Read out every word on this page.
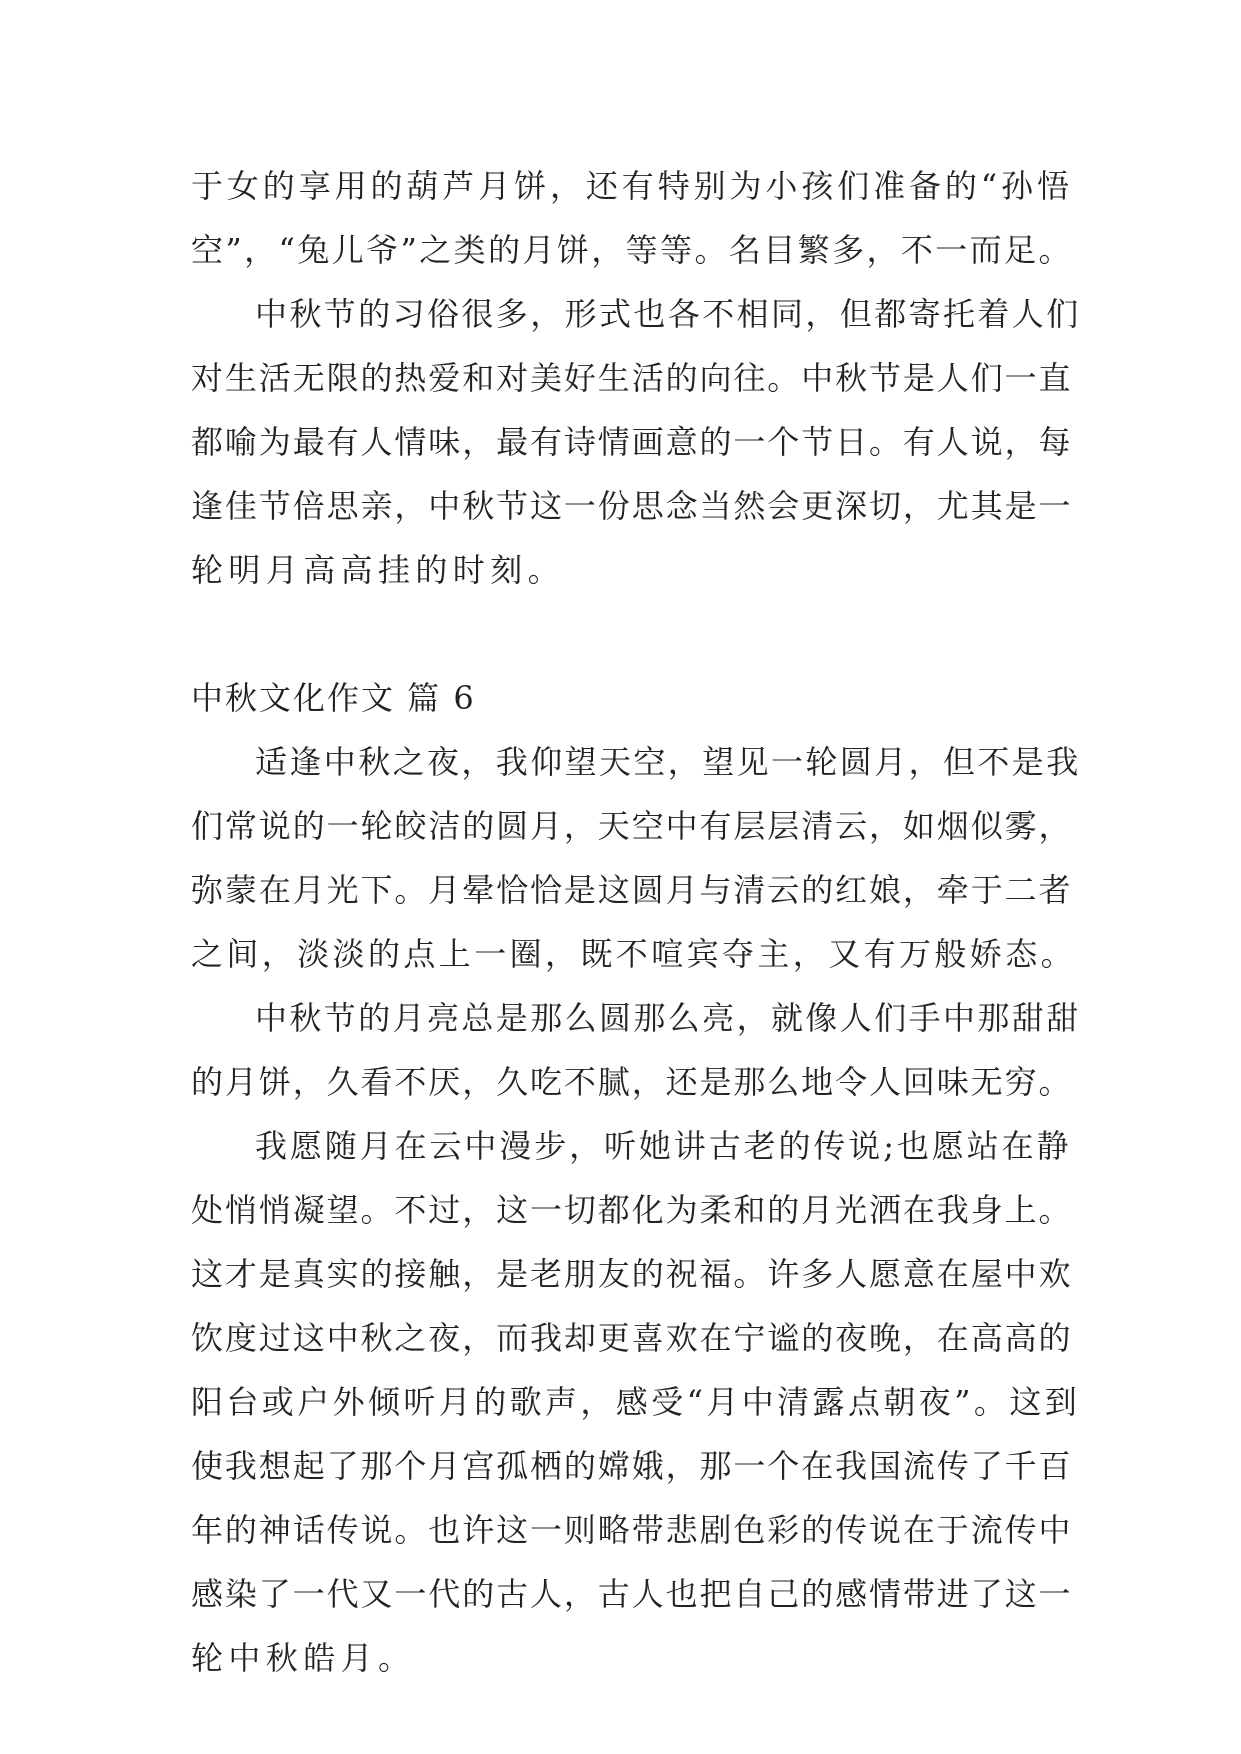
于女的享用的葫芦月饼，还有特别为小孩们准备的“孙悟
空”，“兔儿爷”之类的月饼，等等。名目繁多，不一而足。
中秋节的习俗很多，形式也各不相同，但都寄托着人们
对生活无限的热爱和对美好生活的向往。中秋节是人们一直
都喻为最有人情味，最有诗情画意的一个节日。有人说，每
逢佳节倍思亲，中秋节这一份思念当然会更深切，尤其是一
轮明月高高挂的时刻。
中秋文化作文 篇 6
适逢中秋之夜，我仰望天空，望见一轮圆月，但不是我
们常说的一轮皎洁的圆月，天空中有层层清云，如烟似雾，
弥蒙在月光下。月晕恰恰是这圆月与清云的红娘，牵于二者
之间，淡淡的点上一圈，既不喧宾夺主，又有万般娇态。
中秋节的月亮总是那么圆那么亮，就像人们手中那甜甜
的月饼，久看不厌，久吃不腻，还是那么地令人回味无穷。
我愿随月在云中漫步，听她讲古老的传说;也愿站在静
处悄悄凝望。不过，这一切都化为柔和的月光洒在我身上。
这才是真实的接触，是老朋友的祝福。许多人愿意在屋中欢
饮度过这中秋之夜，而我却更喜欢在宁谧的夜晚，在高高的
阳台或户外倾听月的歌声，感受“月中清露点朝夜”。这到
使我想起了那个月宫孤栖的嫦娥，那一个在我国流传了千百
年的神话传说。也许这一则略带悲剧色彩的传说在于流传中
感染了一代又一代的古人，古人也把自己的感情带进了这一
轮中秋皓月。
